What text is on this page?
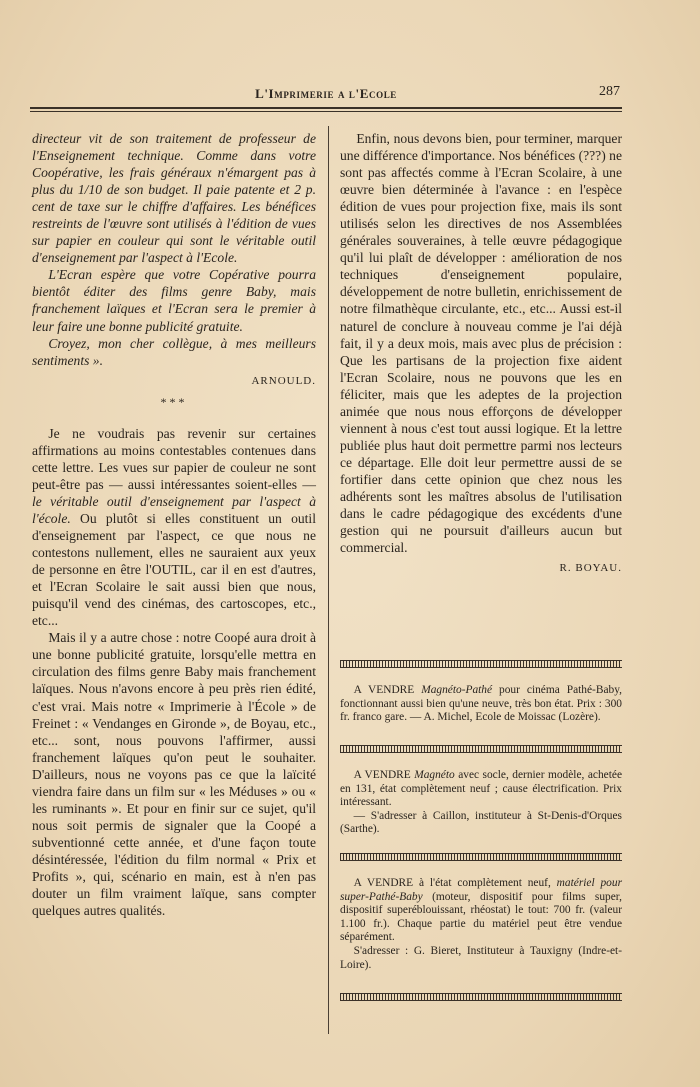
L'Imprimerie a l'Ecole	287

directeur vit de son traitement de professeur de l'Enseignement technique. Comme dans votre Coopérative, les frais généraux n'émargent pas à plus du 1/10 de son budget. Il paie patente et 2 p. cent de taxe sur le chiffre d'affaires. Les bénéfices restreints de l'œuvre sont utilisés à l'édition de vues sur papier en couleur qui sont le véritable outil d'enseignement par l'aspect à l'Ecole.

L'Ecran espère que votre Copérative pourra bientôt éditer des films genre Baby, mais franchement laïques et l'Ecran sera le premier à leur faire une bonne publicité gratuite.

Croyez, mon cher collègue, à mes meilleurs sentiments ».

ARNOULD.

***

Je ne voudrais pas revenir sur certaines affirmations au moins contestables contenues dans cette lettre. Les vues sur papier de couleur ne sont peut-être pas — aussi intéressantes soient-elles — le véritable outil d'enseignement par l'aspect à l'école. Ou plutôt si elles constituent un outil d'enseignement par l'aspect, ce que nous ne contestons nullement, elles ne sauraient aux yeux de personne en être l'OUTIL, car il en est d'autres, et l'Ecran Scolaire le sait aussi bien que nous, puisqu'il vend des cinémas, des cartoscopes, etc., etc...

Mais il y a autre chose : notre Coopé aura droit à une bonne publicité gratuite, lorsqu'elle mettra en circulation des films genre Baby mais franchement laïques. Nous n'avons encore à peu près rien édité, c'est vrai. Mais notre « Imprimerie à l'École » de Freinet : « Vendanges en Gironde », de Boyau, etc., etc... sont, nous pouvons l'affirmer, aussi franchement laïques qu'on peut le souhaiter. D'ailleurs, nous ne voyons pas ce que la laïcité viendra faire dans un film sur « les Méduses » ou « les ruminants ». Et pour en finir sur ce sujet, qu'il nous soit permis de signaler que la Coopé a subventionné cette année, et d'une façon toute désintéressée, l'édition du film normal « Prix et Profits », qui, scénario en main, est à n'en pas douter un film vraiment laïque, sans compter quelques autres qualités.

Enfin, nous devons bien, pour terminer, marquer une différence d'importance. Nos bénéfices (???) ne sont pas affectés comme à l'Ecran Scolaire, à une œuvre bien déterminée à l'avance : en l'espèce édition de vues pour projection fixe, mais ils sont utilisés selon les directives de nos Assemblées générales souveraines, à telle œuvre pédagogique qu'il lui plaît de développer : amélioration de nos techniques d'enseignement populaire, développement de notre bulletin, enrichissement de notre filmathèque circulante, etc., etc... Aussi est-il naturel de conclure à nouveau comme je l'ai déjà fait, il y a deux mois, mais avec plus de précision : Que les partisans de la projection fixe aident l'Ecran Scolaire, nous ne pouvons que les en féliciter, mais que les adeptes de la projection animée que nous nous efforçons de développer viennent à nous c'est tout aussi logique. Et la lettre publiée plus haut doit permettre parmi nos lecteurs ce départage. Elle doit leur permettre aussi de se fortifier dans cette opinion que chez nous les adhérents sont les maîtres absolus de l'utilisation dans le cadre pédagogique des excédents d'une gestion qui ne poursuit d'ailleurs aucun but commercial.

R. BOYAU.

A VENDRE Magnéto-Pathé pour cinéma Pathé-Baby, fonctionnant aussi bien qu'une neuve, très bon état. Prix : 300 fr. franco gare. — A. Michel, Ecole de Moissac (Lozère).

A VENDRE Magnéto avec socle, dernier modèle, achetée en 131, état complètement neuf ; cause électrification. Prix intéressant.

— S'adresser à Caillon, instituteur à St-Denis-d'Orques (Sarthe).

A VENDRE à l'état complètement neuf, matériel pour super-Pathé-Baby (moteur, dispositif pour films super, dispositif superéblouissant, rhéostat) le tout: 700 fr. (valeur 1.100 fr.). Chaque partie du matériel peut être vendue séparément.

S'adresser : G. Bieret, Instituteur à Tauxigny (Indre-et-Loire).
